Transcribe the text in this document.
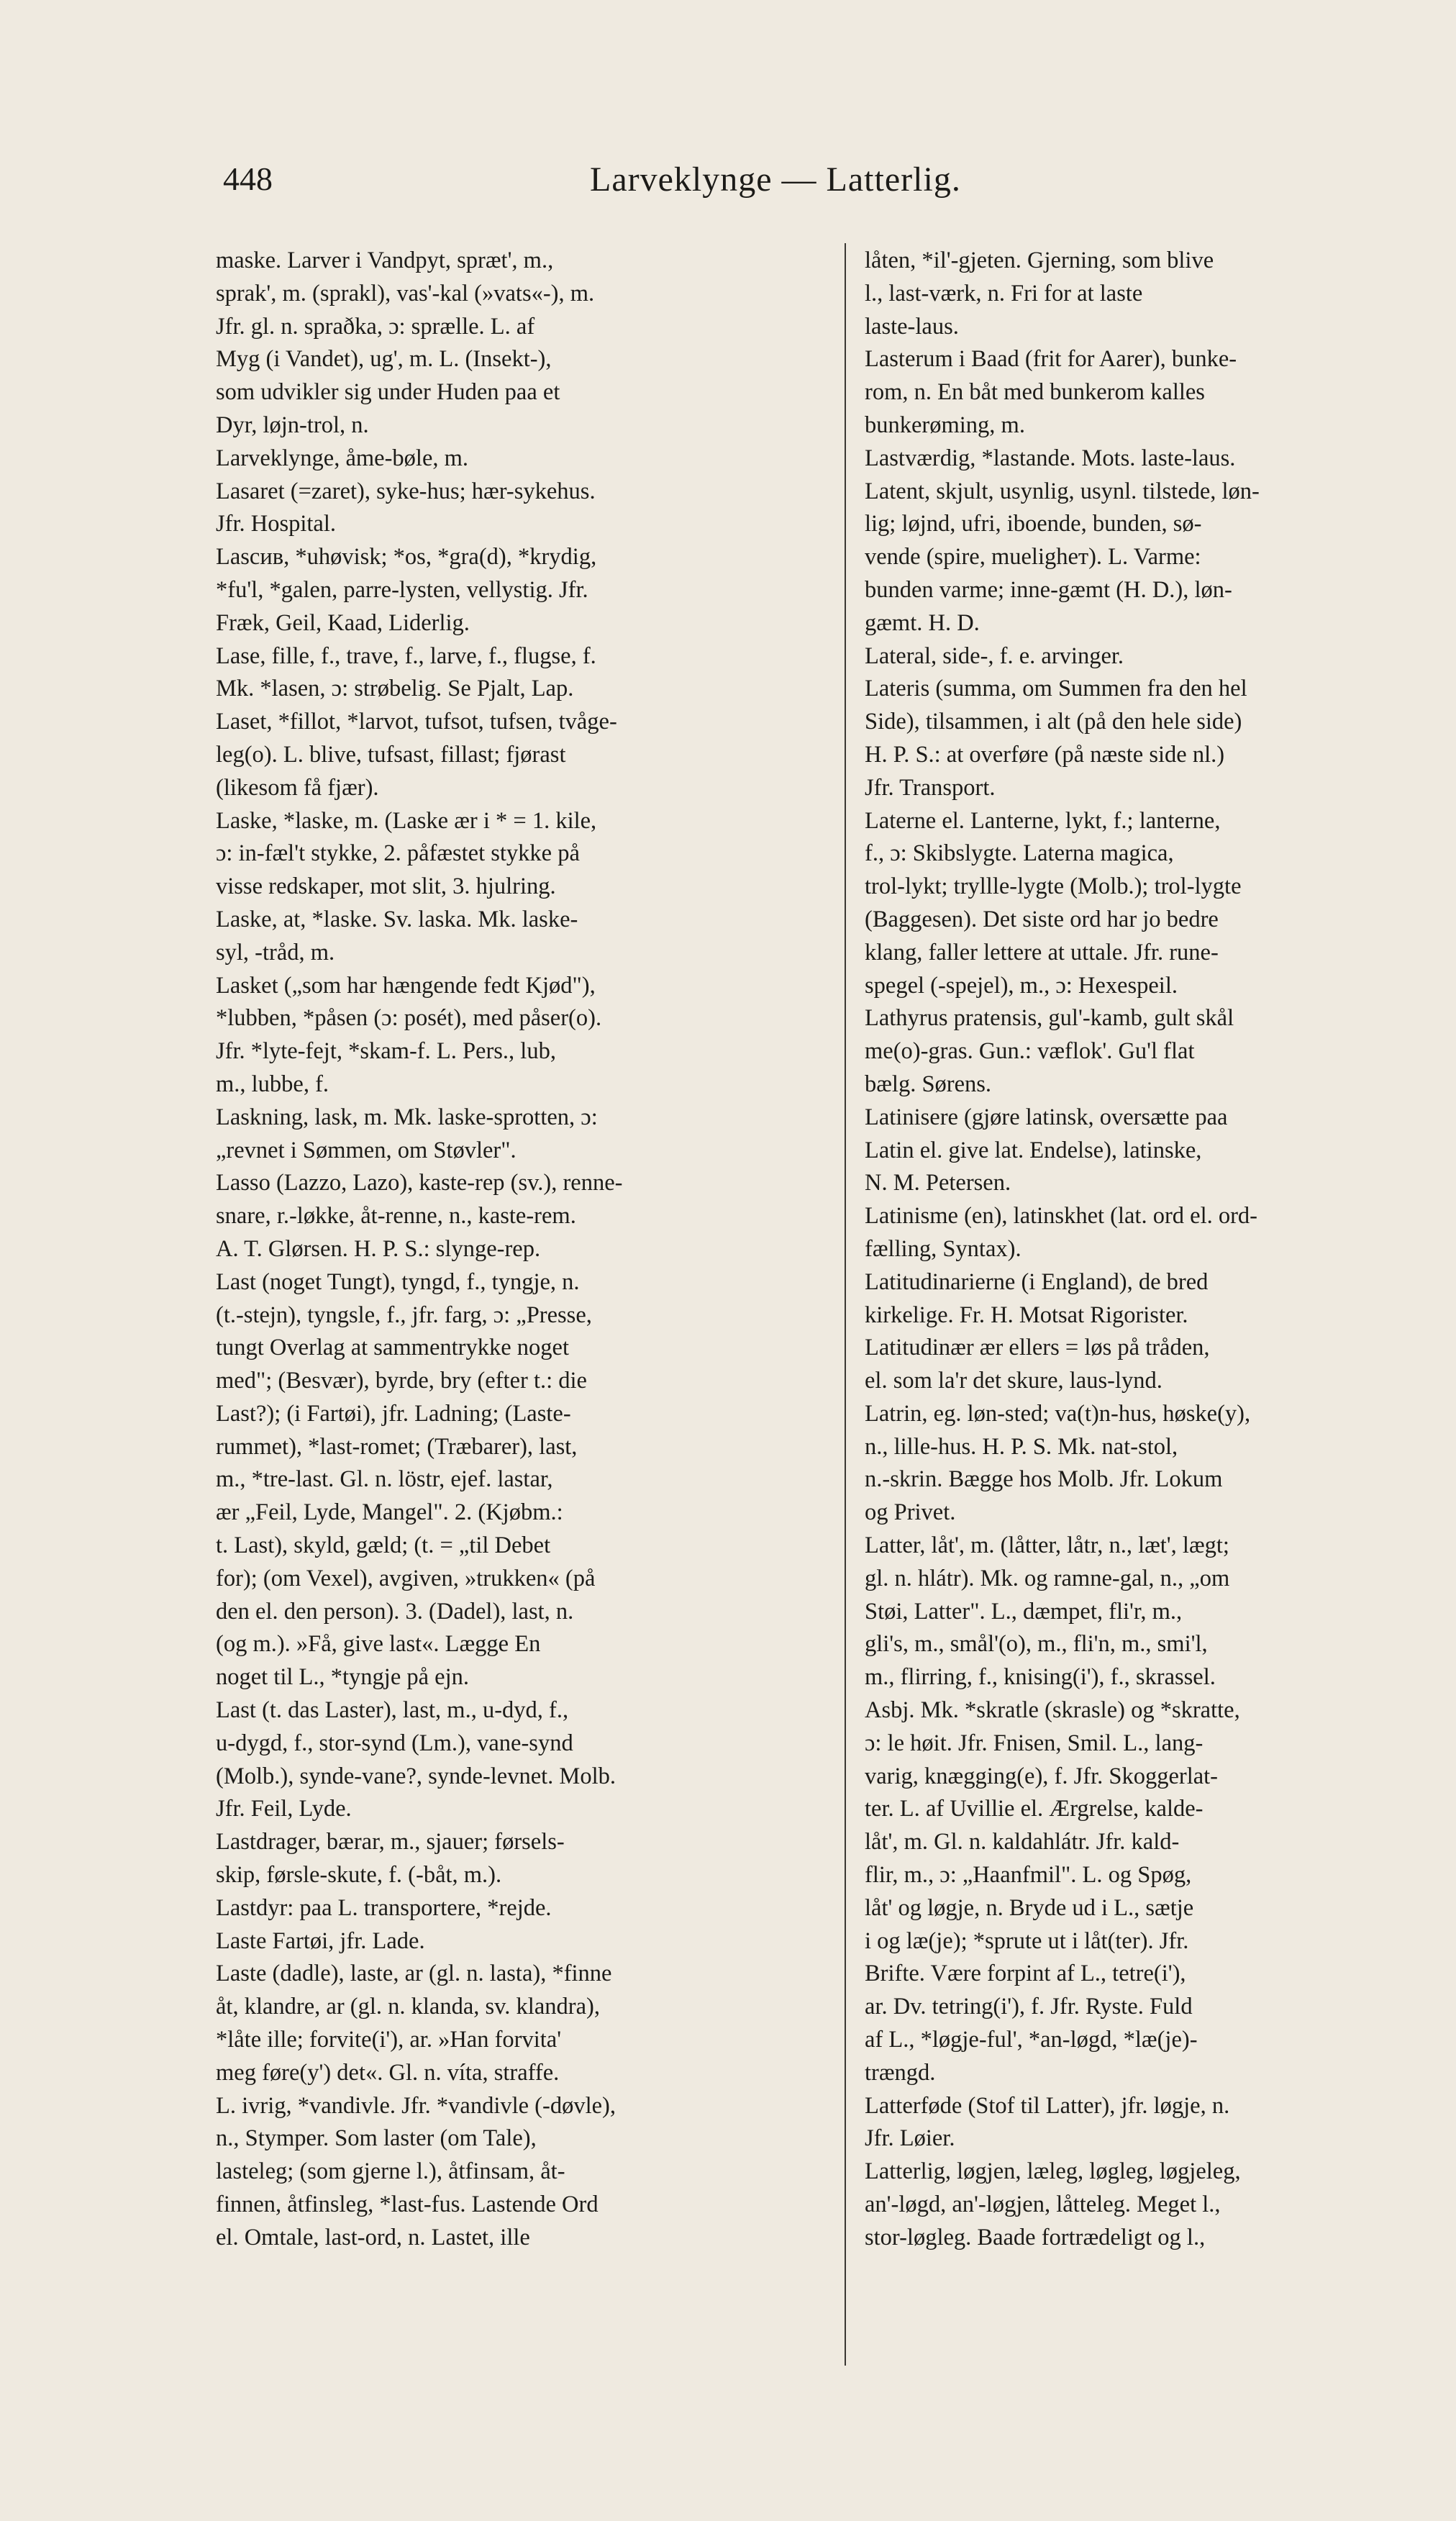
448	Larveklynge — Latterlig.
maske. Larver i Vandpyt, spræt', m.,
sprak', m. (sprakl), vas'-kal (»vats«-), m.
Jfr. gl. n. spraðka, ɔ: sprælle. L. af
Myg (i Vandet), ug', m. L. (Insekt-),
som udvikler sig under Huden paa et
Dyr, løjn-trol, n.
Larveklynge, åme-bøle, m.
Lasaret (=zaret), syke-hus; hær-sykehus.
Jfr. Hospital.
Lascив, *uhøvisk; *os, *gra(d), *krydig,
*fu'l, *galen, parre-lysten, vellystig. Jfr.
Fræk, Geil, Kaad, Liderlig.
Lase, fille, f., trave, f., larve, f., flugse, f.
Mk. *lasen, ɔ: strøbelig. Se Pjalt, Lap.
Laset, *fillot, *larvot, tufsot, tufsen, tvåge-
leg(o). L. blive, tufsast, fillast; fjørast
(likesom få fjær).
Laske, *laske, m. (Laske ær i * = 1. kile,
ɔ: in-fæl't stykke, 2. påfæstet stykke på
visse redskaper, mot slit, 3. hjulring.
Laske, at, *laske. Sv. laska. Mk. laske-
syl, -tråd, m.
Lasket („som har hængende fedt Kjød"),
*lubben, *påsen (ɔ: posét), med påser(o).
Jfr. *lyte-fejt, *skam-f. L. Pers., lub,
m., lubbe, f.
Laskning, lask, m. Mk. laske-sprotten, ɔ:
„revnet i Sømmen, om Støvler".
Lasso (Lazzo, Lazo), kaste-rep (sv.), renne-
snare, r.-løkke, åt-renne, n., kaste-rem.
A. T. Glørsen. H. P. S.: slynge-rep.
Last (noget Tungt), tyngd, f., tyngje, n.
(t.-stejn), tyngsle, f., jfr. farg, ɔ: „Presse,
tungt Overlag at sammentrykke noget
med"; (Besvær), byrde, bry (efter t.: die
Last?); (i Fartøi), jfr. Ladning; (Laste-
rummet), *last-romet; (Træbarer), last,
m., *tre-last. Gl. n. löstr, ejef. lastar,
ær „Feil, Lyde, Mangel". 2. (Kjøbm.:
t. Last), skyld, gæld; (t. = „til Debet
for); (om Vexel), avgiven, »trukken« (på
den el. den person). 3. (Dadel), last, n.
(og m.). »Få, give last«. Lægge En
noget til L., *tyngje på ejn.
Last (t. das Laster), last, m., u-dyd, f.,
u-dygd, f., stor-synd (Lm.), vane-synd
(Molb.), synde-vane?, synde-levnet. Molb.
Jfr. Feil, Lyde.
Lastdrager, bærar, m., sjauer; førsels-
skip, førsle-skute, f. (-båt, m.).
Lastdyr: paa L. transportere, *rejde.
Laste Fartøi, jfr. Lade.
Laste (dadle), laste, ar (gl. n. lasta), *finne
åt, klandre, ar (gl. n. klanda, sv. klandra),
*låte ille; forvite(i'), ar. »Han forvita'
meg føre(y') det«. Gl. n. víta, straffe.
L. ivrig, *vandivle. Jfr. *vandivle (-døvle),
n., Stymper. Som laster (om Tale),
lasteleg; (som gjerne l.), åtfinsam, åt-
finnen, åtfinsleg, *last-fus. Lastende Ord
el. Omtale, last-ord, n. Lastet, ille
låten, *il'-gjeten. Gjerning, som blive
l., last-værk, n. Fri for at laste
laste-laus.
Lasterum i Baad (frit for Aarer), bunke-
rom, n. En båt med bunkerom kalles
bunkerøming, m.
Lastværdig, *lastande. Mots. laste-laus.
Latent, skjult, usynlig, usynl. tilstede, løn-
lig; løjnd, ufri, iboende, bunden, sø-
vende (spire, mueligheт). L. Varme:
bunden varme; inne-gæmt (H. D.), løn-
gæmt. H. D.
Lateral, side-, f. e. arvinger.
Lateris (summa, om Summen fra den hel
Side), tilsammen, i alt (på den hele side)
H. P. S.: at overføre (på næste side nl.)
Jfr. Transport.
Laterne el. Lanterne, lykt, f.; lanterne,
f., ɔ: Skibslygte. Laterna magica,
trol-lykt; tryllle-lygte (Molb.); trol-lygte
(Baggesen). Det siste ord har jo bedre
klang, faller lettere at uttale. Jfr. rune-
spegel (-spejel), m., ɔ: Hexespeil.
Lathyrus pratensis, gul'-kamb, gult skål
me(o)-gras. Gun.: væflok'. Gu'l flat
bælg. Sørens.
Latinisere (gjøre latinsk, oversætte paa
Latin el. give lat. Endelse), latinske,
N. M. Petersen.
Latinisme (en), latinskhet (lat. ord el. ord-
fælling, Syntax).
Latitudinarierne (i England), de bred
kirkelige. Fr. H. Motsat Rigorister.
Latitudinær ær ellers = løs på tråden,
el. som la'r det skure, laus-lynd.
Latrin, eg. løn-sted; va(t)n-hus, høske(y),
n., lille-hus. H. P. S. Mk. nat-stol,
n.-skrin. Bægge hos Molb. Jfr. Lokum
og Privet.
Latter, låt', m. (låtter, låtr, n., læt', lægt;
gl. n. hlátr). Mk. og ramne-gal, n., „om
Støi, Latter". L., dæmpet, fli'r, m.,
gli's, m., smål'(o), m., fli'n, m., smi'l,
m., flirring, f., knising(i'), f., skrassel.
Asbj. Mk. *skratle (skrasle) og *skratte,
ɔ: le høit. Jfr. Fnisen, Smil. L., lang-
varig, knægging(e), f. Jfr. Skoggerlat-
ter. L. af Uvillie el. Ærgrelse, kalde-
låt', m. Gl. n. kaldahlátr. Jfr. kald-
flir, m., ɔ: „Haanfmil". L. og Spøg,
låt' og løgje, n. Bryde ud i L., sætje
i og læ(je); *sprute ut i låt(ter). Jfr.
Brifte. Være forpint af L., tetre(i'),
ar. Dv. tetring(i'), f. Jfr. Ryste. Fuld
af L., *løgje-ful', *an-løgd, *læ(je)-
trængd.
Latterføde (Stof til Latter), jfr. løgje, n.
Jfr. Løier.
Latterlig, løgjen, læleg, løgleg, løgjeleg,
an'-løgd, an'-løgjen, låtteleg. Meget l.,
stor-løgleg. Baade fortrædeligt og l.,
